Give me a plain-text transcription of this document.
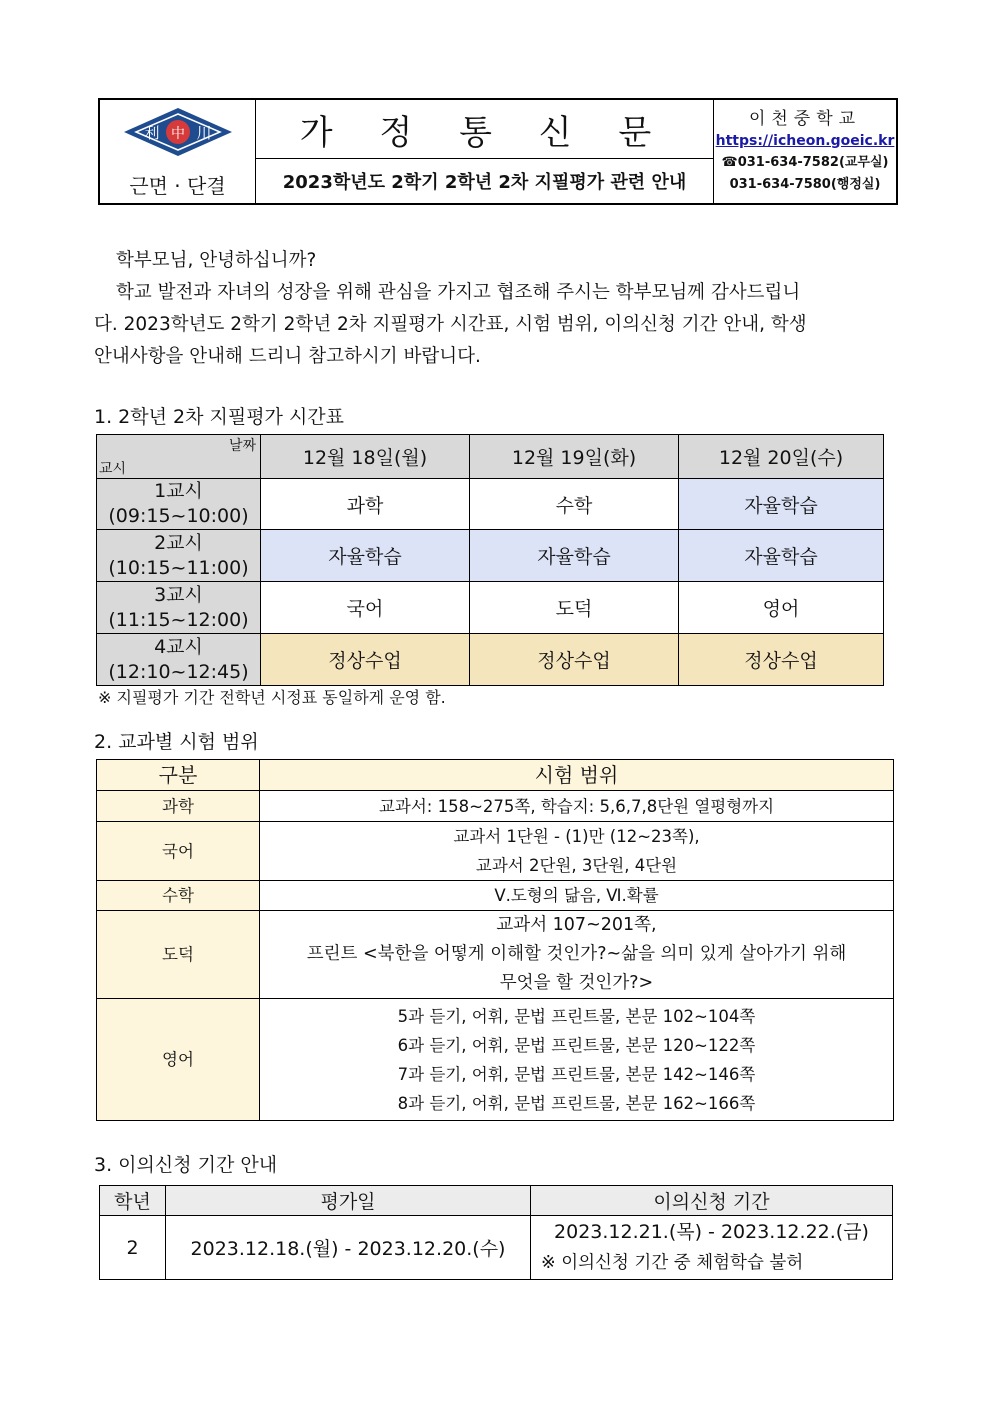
利 中 川
근면 · 단결
	가 정 통 신 문	이천중학교
https://icheon.goeic.kr
☎031-634-7582(교무실)
031-634-7580(행정실)

2023학년도 2학기 2학년 2차 지필평가 관련 안내
학부모님, 안녕하십니까?
학교 발전과 자녀의 성장을 위해 관심을 가지고 협조해 주시는 학부모님께 감사드립니
다. 2023학년도 2학기 2학년 2차 지필평가 시간표, 시험 범위, 이의신청 기간 안내, 학생
안내사항을 안내해 드리니 참고하시기 바랍니다.
1. 2학년 2차 지필평가 시간표
날짜
교시	12월 18일(월)	12월 19일(화)	12월 20일(수)

1교시
(09:15~10:00)	과학	수학	자율학습

2교시
(10:15~11:00)	자율학습	자율학습	자율학습

3교시
(11:15~12:00)	국어	도덕	영어

4교시
(12:10~12:45)	정상수업	정상수업	정상수업
※ 지필평가 기간 전학년 시정표 동일하게 운영 함.
2. 교과별 시험 범위
구분	시험 범위
과학	교과서: 158~275쪽, 학습지: 5,6,7,8단원 열평형까지

국어	교과서 1단원 - (1)만 (12~23쪽),
교과서 2단원, 3단원, 4단원

수학	Ⅴ.도형의 닮음, Ⅵ.확률

도덕	교과서 107~201쪽,
프린트 <북한을 어떻게 이해할 것인가?~삶을 의미 있게 살아가기 위해
무엇을 할 것인가?>

영어	5과 듣기, 어휘, 문법 프린트물, 본문 102~104쪽
6과 듣기, 어휘, 문법 프린트물, 본문 120~122쪽
7과 듣기, 어휘, 문법 프린트물, 본문 142~146쪽
8과 듣기, 어휘, 문법 프린트물, 본문 162~166쪽
3. 이의신청 기간 안내
학년	평가일	이의신청 기간
2	2023.12.18.(월) - 2023.12.20.(수)	2023.12.21.(목) - 2023.12.22.(금)
※ 이의신청 기간 중 체험학습 불허
